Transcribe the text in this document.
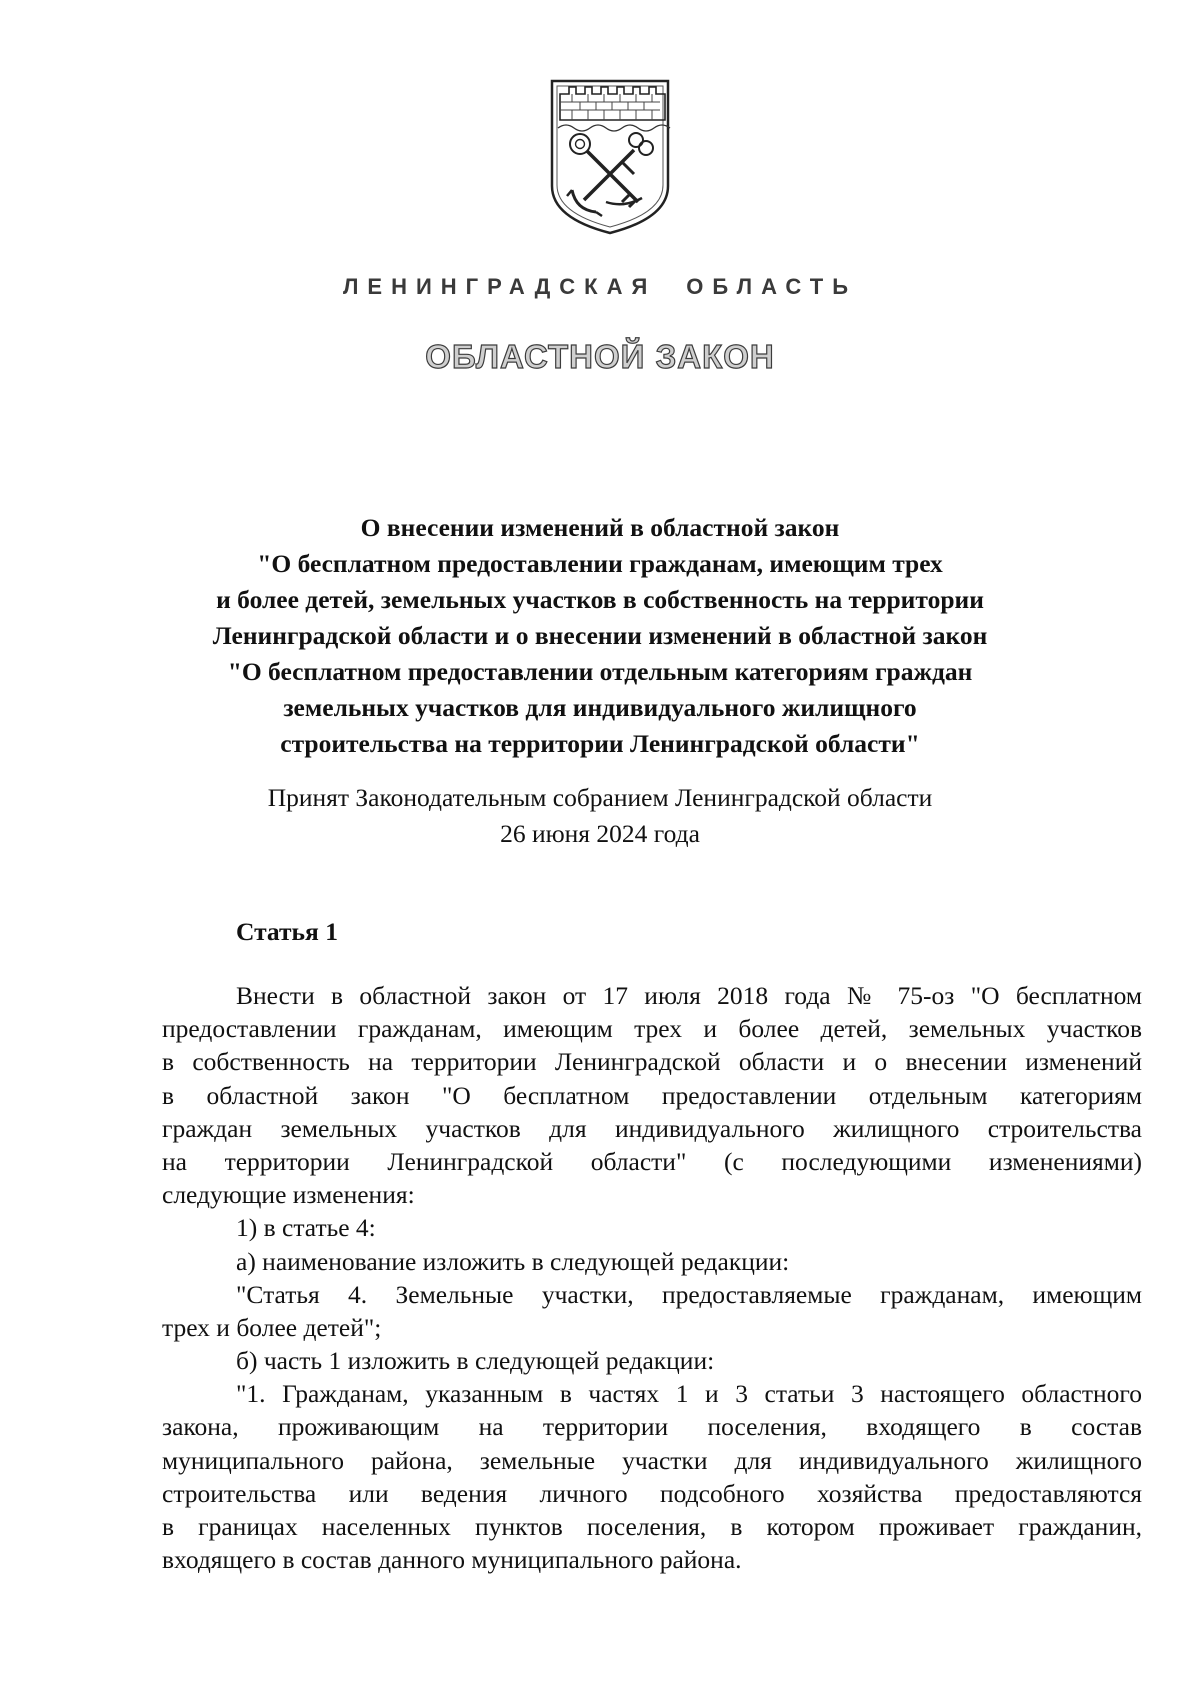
ЛЕНИНГРАДСКАЯ ОБЛАСТЬ
ОБЛАСТНОЙ ЗАКОН
О внесении изменений в областной закон
"О бесплатном предоставлении гражданам, имеющим трех
и более детей, земельных участков в собственность на территории
Ленинградской области и о внесении изменений в областной закон
"О бесплатном предоставлении отдельным категориям граждан
земельных участков для индивидуального жилищного
строительства на территории Ленинградской области"
Принят Законодательным собранием Ленинградской области
26 июня 2024 года
Статья 1
Внести в областной закон от 17 июля 2018 года № 75-оз "О бесплатном
предоставлении гражданам, имеющим трех и более детей, земельных участков
в собственность на территории Ленинградской области и о внесении изменений
в областной закон "О бесплатном предоставлении отдельным категориям
граждан земельных участков для индивидуального жилищного строительства
на территории Ленинградской области" (с последующими изменениями)
следующие изменения:
1) в статье 4:
а) наименование изложить в следующей редакции:
"Статья 4. Земельные участки, предоставляемые гражданам, имеющим
трех и более детей";
б) часть 1 изложить в следующей редакции:
"1. Гражданам, указанным в частях 1 и 3 статьи 3 настоящего областного
закона, проживающим на территории поселения, входящего в состав
муниципального района, земельные участки для индивидуального жилищного
строительства или ведения личного подсобного хозяйства предоставляются
в границах населенных пунктов поселения, в котором проживает гражданин,
входящего в состав данного муниципального района.
